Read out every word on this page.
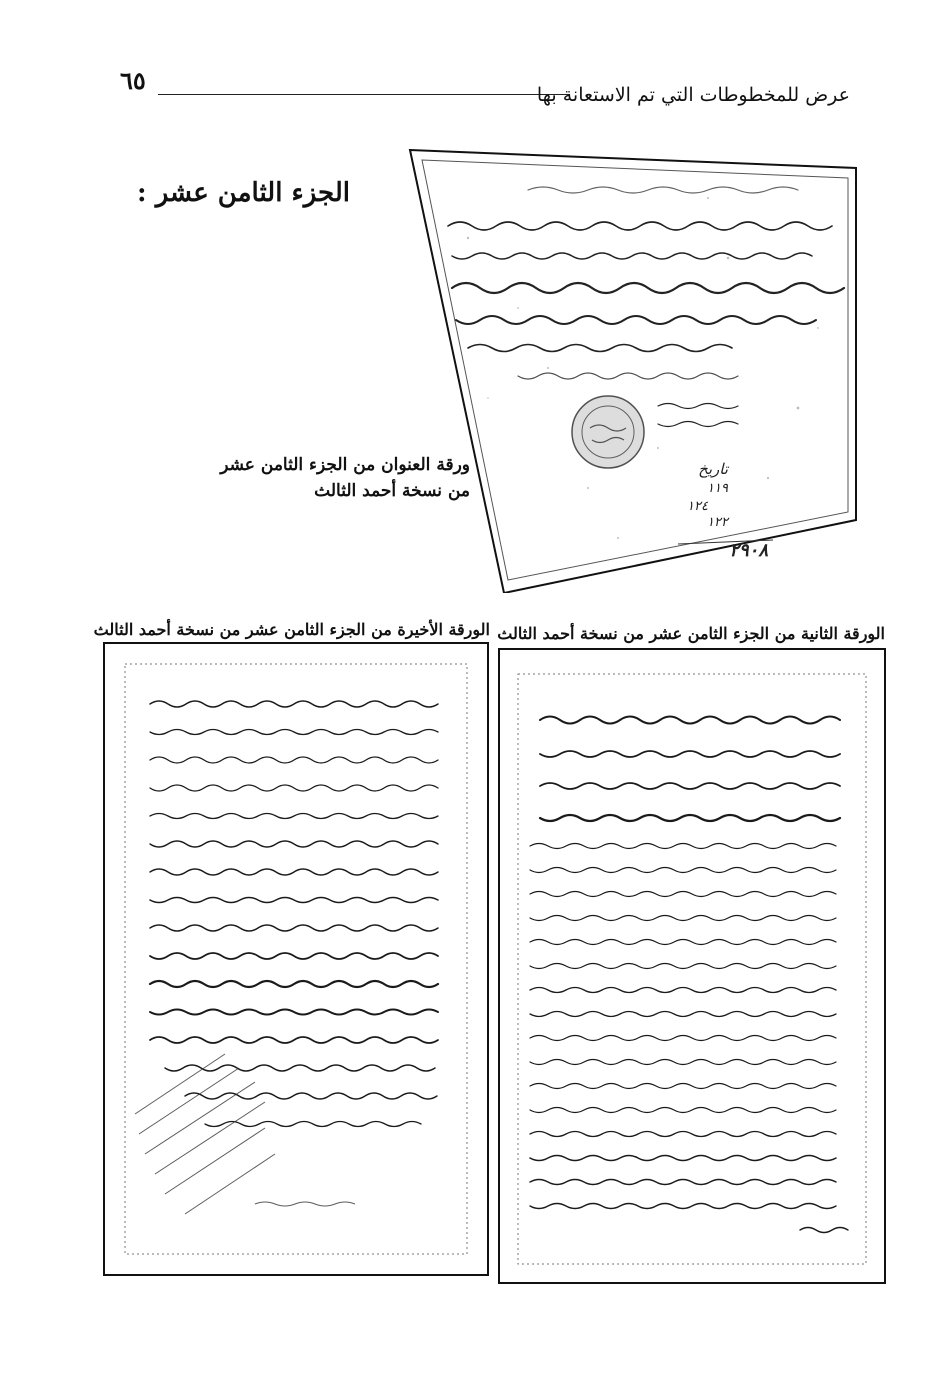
٦٥	عرض للمخطوطات التي تم الاستعانة بها
الجزء الثامن عشر :
تاريخ
١١٩
١٢٤
١٢٢
٢٩٠٨
ورقة العنوان من الجزء الثامن عشر
من نسخة أحمد الثالث
الورقة الثانية من الجزء الثامن عشر من نسخة أحمد الثالث
الورقة الأخيرة من الجزء الثامن عشر من نسخة أحمد الثالث
